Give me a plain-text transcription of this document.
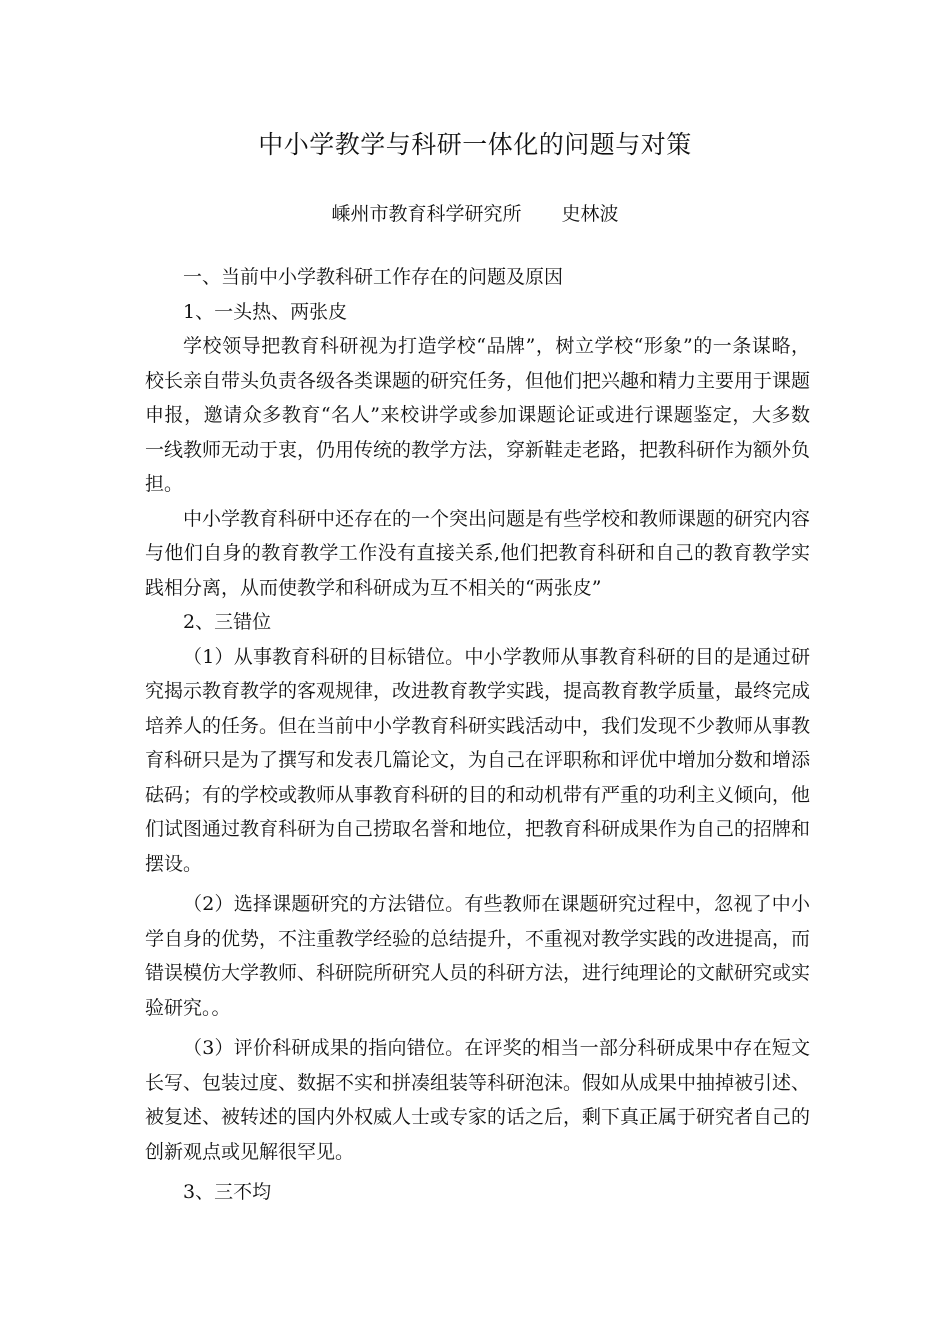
中小学教学与科研一体化的问题与对策
嵊州市教育科学研究所 史林波

一、当前中小学教科研工作存在的问题及原因

1、一头热、两张皮

学校领导把教育科研视为打造学校“品牌”，树立学校“形象”的一条谋略，校长亲自带头负责各级各类课题的研究任务，但他们把兴趣和精力主要用于课题申报，邀请众多教育“名人”来校讲学或参加课题论证或进行课题鉴定，大多数一线教师无动于衷，仍用传统的教学方法，穿新鞋走老路，把教科研作为额外负担。

中小学教育科研中还存在的一个突出问题是有些学校和教师课题的研究内容与他们自身的教育教学工作没有直接关系,他们把教育科研和自己的教育教学实践相分离，从而使教学和科研成为互不相关的“两张皮”

2、三错位

（1）从事教育科研的目标错位。中小学教师从事教育科研的目的是通过研究揭示教育教学的客观规律，改进教育教学实践，提高教育教学质量，最终完成培养人的任务。但在当前中小学教育科研实践活动中，我们发现不少教师从事教育科研只是为了撰写和发表几篇论文，为自己在评职称和评优中增加分数和增添砝码；有的学校或教师从事教育科研的目的和动机带有严重的功利主义倾向，他们试图通过教育科研为自己捞取名誉和地位，把教育科研成果作为自己的招牌和摆设。

（2）选择课题研究的方法错位。有些教师在课题研究过程中，忽视了中小学自身的优势，不注重教学经验的总结提升，不重视对教学实践的改进提高，而错误模仿大学教师、科研院所研究人员的科研方法，进行纯理论的文献研究或实验研究。。

（3）评价科研成果的指向错位。在评奖的相当一部分科研成果中存在短文长写、包装过度、数据不实和拼凑组装等科研泡沫。假如从成果中抽掉被引述、被复述、被转述的国内外权威人士或专家的话之后，剩下真正属于研究者自己的创新观点或见解很罕见。

3、三不均
